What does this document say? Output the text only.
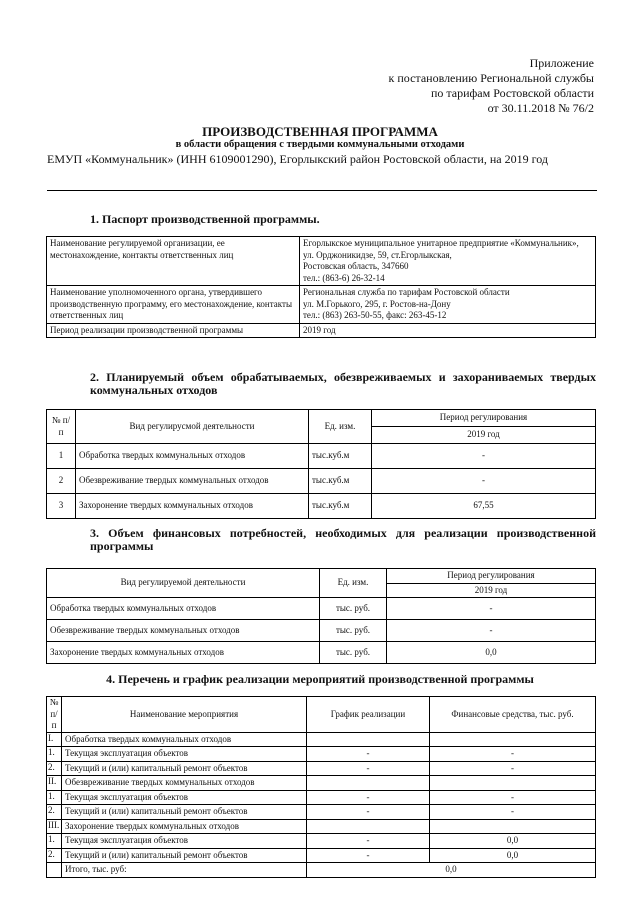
Приложение
к постановлению Региональной службы
по тарифам Ростовской области
от 30.11.2018 № 76/2
ПРОИЗВОДСТВЕННАЯ ПРОГРАММА
в области обращения с твердыми коммунальными отходами
ЕМУП «Коммунальник» (ИНН 6109001290), Егорлыкский район Ростовской области, на 2019 год
1. Паспорт производственной программы.
Наименование регулируемой организации, ее местонахождение, контакты ответственных лиц	Егорлыкское муниципальное унитарное предприятие «Коммунальник»,
ул. Орджоникидзе, 59, ст.Егорлыкская,
Ростовская область, 347660
тел.: (863-6) 26-32-14

Наименование уполномоченного органа, утвердившего производственную программу, его местонахождение, контакты ответственных лиц	Региональная служба по тарифам Ростовской области
ул. М.Горького, 295, г. Ростов-на-Дону
тел.: (863) 263-50-55, факс: 263-45-12

Период реализации производственной программы	2019 год
2. Планируемый объем обрабатываемых, обезвреживаемых и захораниваемых твердых коммунальных отходов
№ п/п	Вид регулирусмой деятельности	Ед. изм.	Период регулирования
			2019 год
1	Обработка твердых коммунальных отходов	тыс.куб.м	-
2	Обезвреживание твердых коммунальных отходов	тыс.куб.м	-
3	Захоронение твердых коммунальных отходов	тыс.куб.м	67,55
3. Объем финансовых потребностей, необходимых для реализации производственной программы
Вид регулируемой деятельности	Ед. изм.	Период регулирования
		2019 год
Обработка твердых коммунальных отходов	тыс. руб.	-
Обезвреживание твердых коммунальных отходов	тыс. руб.	-
Захоронение твердых коммунальных отходов	тыс. руб.	0,0
4. Перечень и график реализации мероприятий производственной программы
№ п/п	Наименование мероприятия	График реализации	Финансовые средства, тыс. руб.
I.	Обработка твердых коммунальных отходов		
1.	Текущая эксплуатация объектов	-	-
2.	Текущий и (или) капитальный ремонт объектов	-	-
II.	Обезвреживание твердых коммунальных отходов		
1.	Текущая эксплуатация объектов	-	-
2.	Текущий и (или) капитальный ремонт объектов	-	-
III.	Захоронение твердых коммунальных отходов		
1.	Текущая эксплуатация объектов	-	0,0
2.	Текущий и (или) капитальный ремонт объектов	-	0,0
	Итого, тыс. руб:	0,0	
